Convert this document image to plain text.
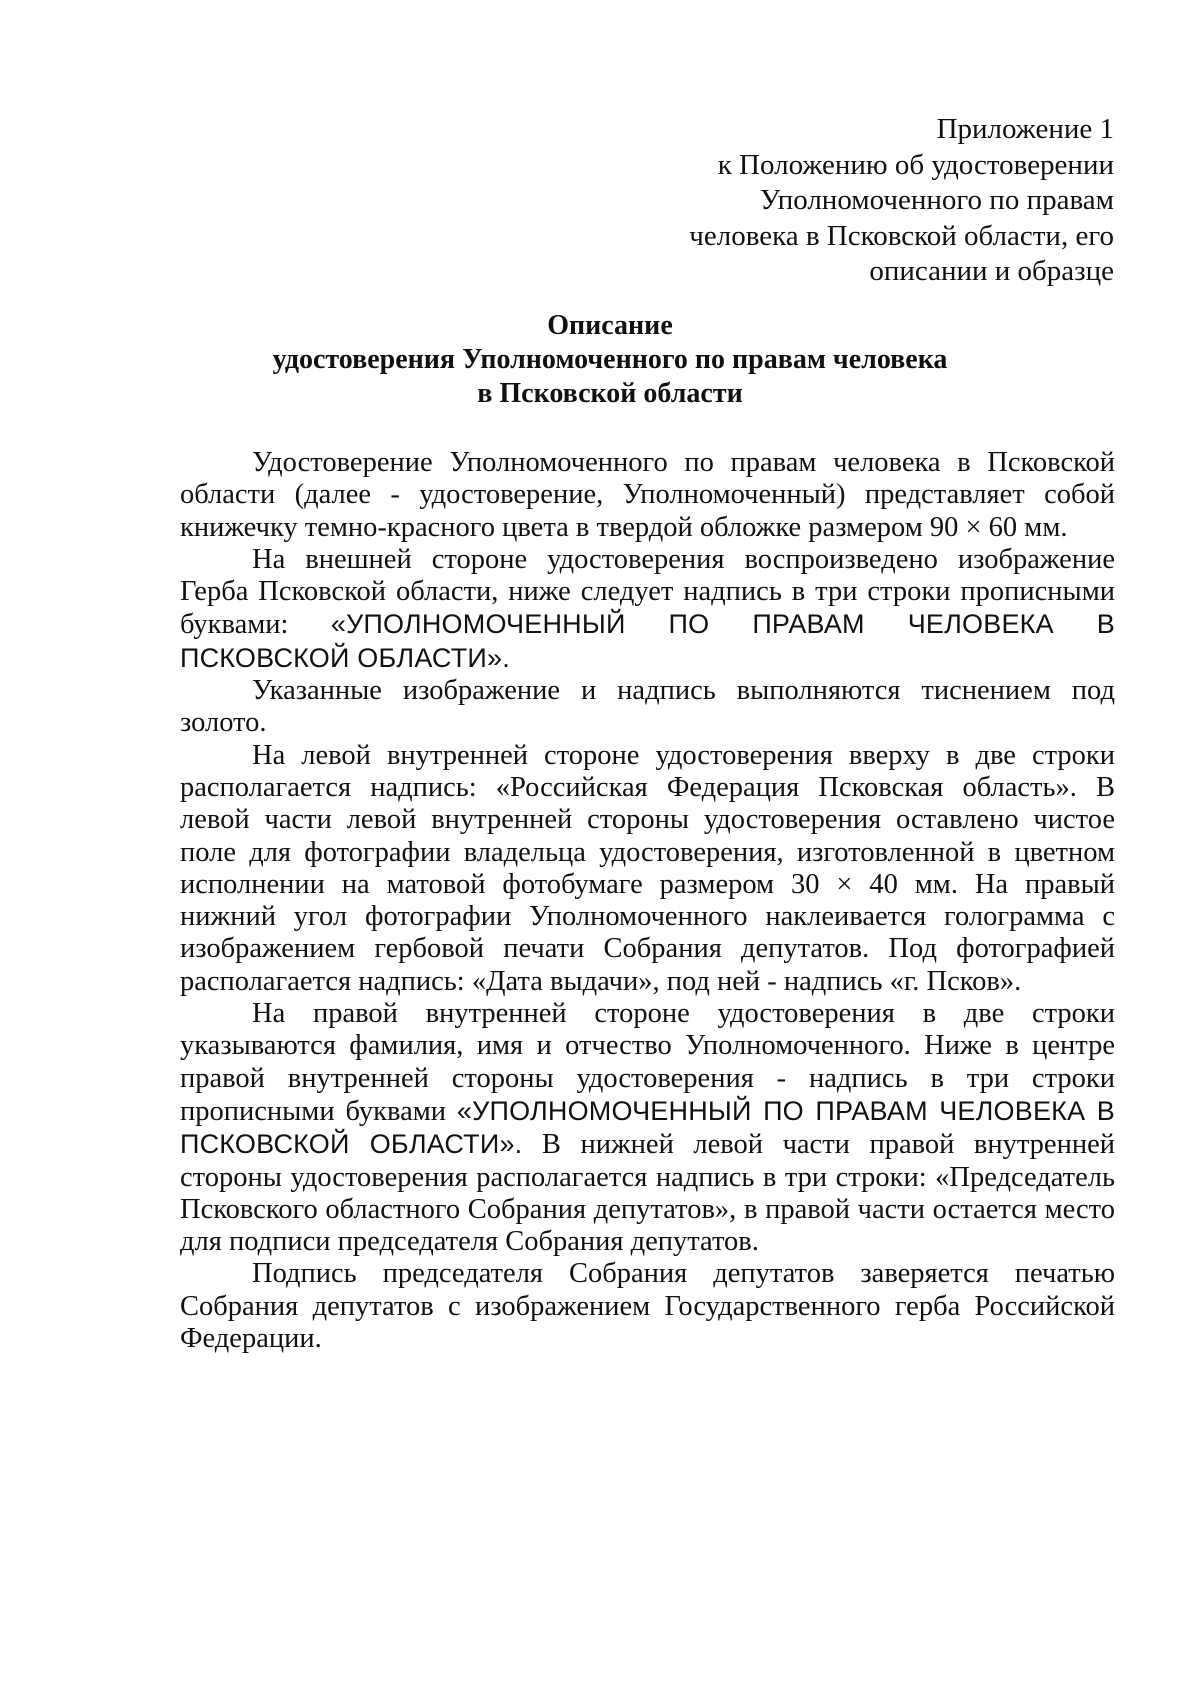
Приложение 1
к Положению об удостоверении
Уполномоченного по правам
человека в Псковской области, его
описании и образце
Описание
удостоверения Уполномоченного по правам человека
в Псковской области

Удостоверение Уполномоченного по правам человека в Псковской области (далее - удостоверение, Уполномоченный) представляет собой книжечку темно-красного цвета в твердой обложке размером 90 × 60 мм.

На внешней стороне удостоверения воспроизведено изображение Герба Псковской области, ниже следует надпись в три строки прописными буквами: «УПОЛНОМОЧЕННЫЙ ПО ПРАВАМ ЧЕЛОВЕКА В ПСКОВСКОЙ ОБЛАСТИ».

Указанные изображение и надпись выполняются тиснением под золото.

На левой внутренней стороне удостоверения вверху в две строки располагается надпись: «Российская Федерация Псковская область». В левой части левой внутренней стороны удостоверения оставлено чистое поле для фотографии владельца удостоверения, изготовленной в цветном исполнении на матовой фотобумаге размером 30 × 40 мм. На правый нижний угол фотографии Уполномоченного наклеивается голограмма с изображением гербовой печати Собрания депутатов. Под фотографией располагается надпись: «Дата выдачи», под ней - надпись «г. Псков».

На правой внутренней стороне удостоверения в две строки указываются фамилия, имя и отчество Уполномоченного. Ниже в центре правой внутренней стороны удостоверения - надпись в три строки прописными буквами «УПОЛНОМОЧЕННЫЙ ПО ПРАВАМ ЧЕЛОВЕКА В ПСКОВСКОЙ ОБЛАСТИ». В нижней левой части правой внутренней стороны удостоверения располагается надпись в три строки: «Председатель Псковского областного Собрания депутатов», в правой части остается место для подписи председателя Собрания депутатов.

Подпись председателя Собрания депутатов заверяется печатью Собрания депутатов с изображением Государственного герба Российской Федерации.
